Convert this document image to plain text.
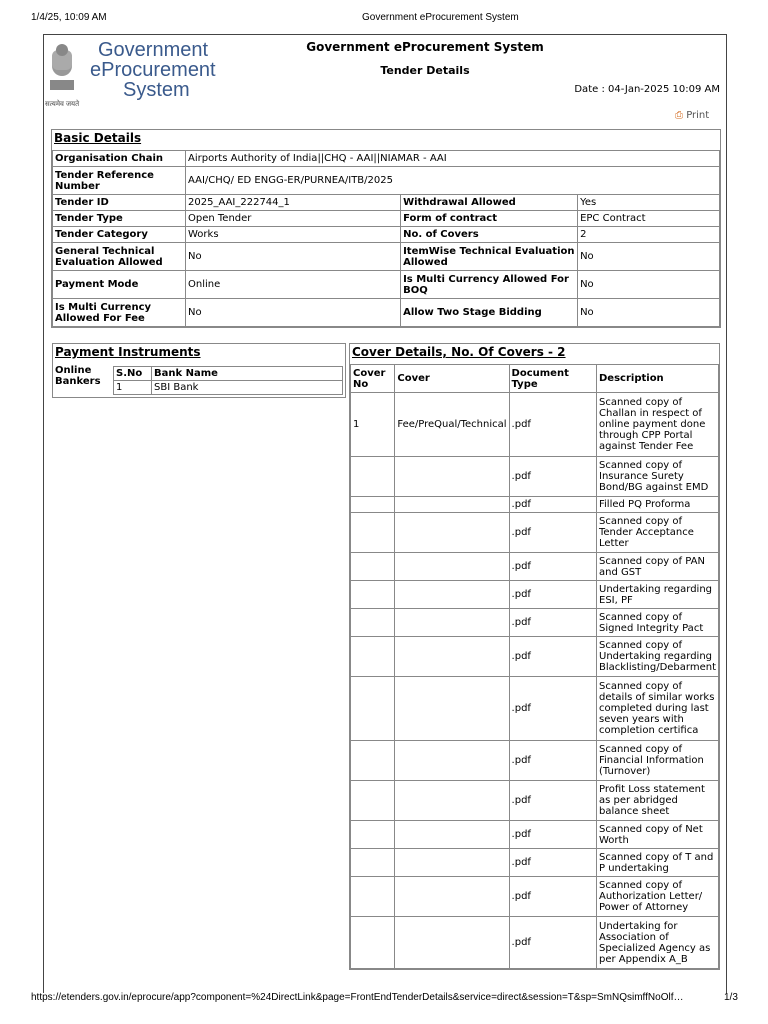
1/4/25, 10:09 AM	Government eProcurement System
सत्यमेव जयते
Government
eProcurement
System
Government eProcurement System
Tender Details
Date : 04-Jan-2025 10:09 AM
⎙ Print
Basic Details
Organisation Chain	Airports Authority of India||CHQ - AAI||NIAMAR - AAI		
Tender Reference Number	AAI/CHQ/ ED ENGG-ER/PURNEA/ITB/2025		
Tender ID	2025_AAI_222744_1	Withdrawal Allowed	Yes
Tender Type	Open Tender	Form of contract	EPC Contract
Tender Category	Works	No. of Covers	2
General Technical Evaluation Allowed	No	ItemWise Technical Evaluation Allowed	No
Payment Mode	Online	Is Multi Currency Allowed For BOQ	No
Is Multi Currency Allowed For Fee	No	Allow Two Stage Bidding	No
Payment Instruments
Online Bankers	
S.No	Bank Name
1	SBI Bank
Cover Details, No. Of Covers - 2
Cover No	Cover	Document Type	Description
1	Fee/PreQual/Technical	.pdf	Scanned copy of Challan in respect of online payment done through CPP Portal against Tender Fee
		.pdf	Scanned copy of Insurance Surety Bond/BG against EMD
		.pdf	Filled PQ Proforma
		.pdf	Scanned copy of Tender Acceptance Letter
		.pdf	Scanned copy of PAN and GST
		.pdf	Undertaking regarding ESI, PF
		.pdf	Scanned copy of Signed Integrity Pact
		.pdf	Scanned copy of Undertaking regarding Blacklisting/Debarment
		.pdf	Scanned copy of details of similar works completed during last seven years with completion certifica
		.pdf	Scanned copy of Financial Information (Turnover)
		.pdf	Profit Loss statement as per abridged balance sheet
		.pdf	Scanned copy of Net Worth
		.pdf	Scanned copy of T and P undertaking
		.pdf	Scanned copy of Authorization Letter/ Power of Attorney
		.pdf	Undertaking for Association of Specialized Agency as per Appendix A_B
https://etenders.gov.in/eprocure/app?component=%24DirectLink&page=FrontEndTenderDetails&service=direct&session=T&sp=SmNQsimffNoOlf…	1/3
